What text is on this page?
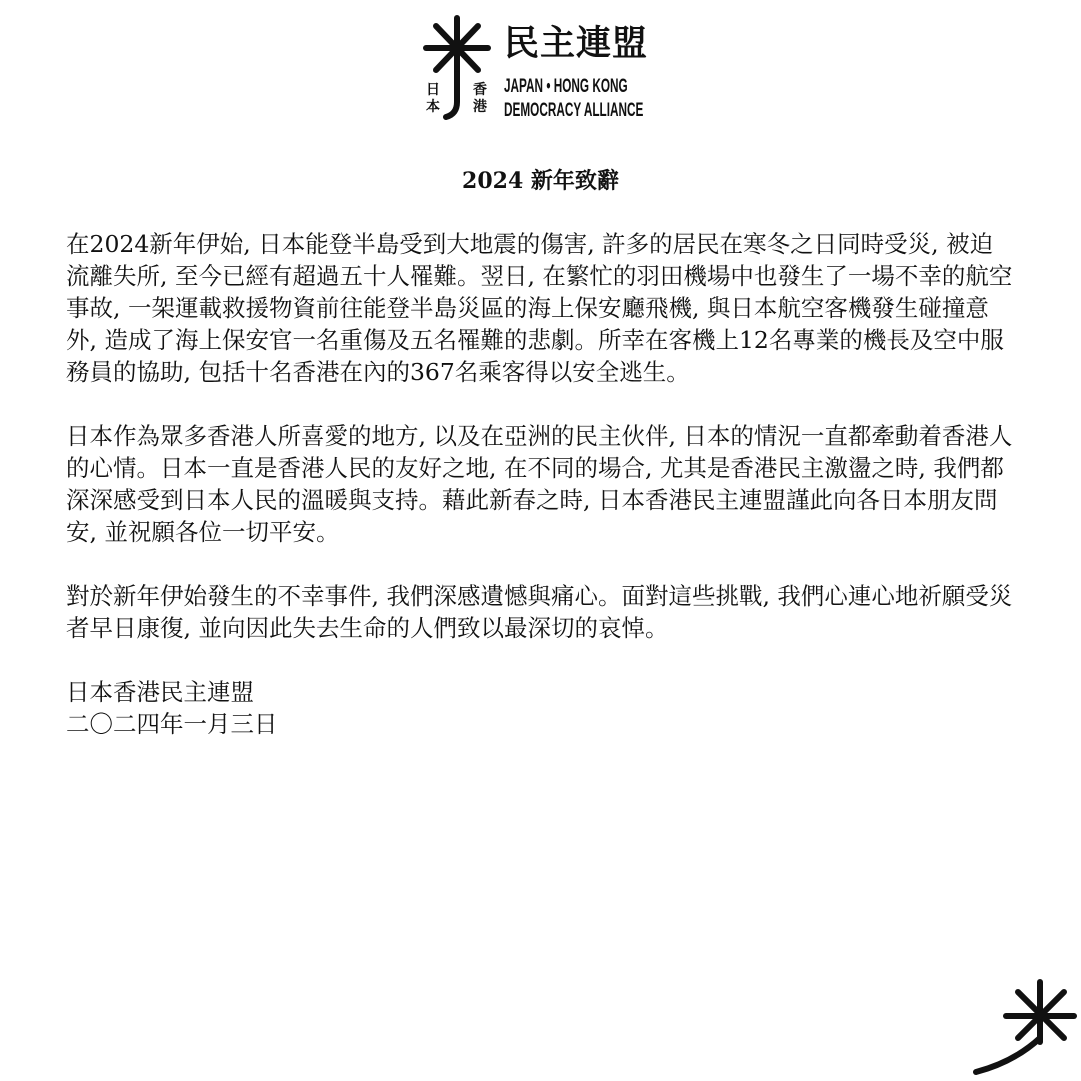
日
本
香
港
民主連盟
JAPAN • HONG KONG
DEMOCRACY ALLIANCE
2024 新年致辭

在2024新年伊始, 日本能登半島受到大地震的傷害, 許多的居民在寒冬之日同時受災, 被迫流離失所, 至今已經有超過五十人罹難。翌日, 在繁忙的羽田機場中也發生了一場不幸的航空事故, 一架運載救援物資前往能登半島災區的海上保安廳飛機, 與日本航空客機發生碰撞意外, 造成了海上保安官一名重傷及五名罹難的悲劇。所幸在客機上12名專業的機長及空中服務員的協助, 包括十名香港在內的367名乘客得以安全逃生。

日本作為眾多香港人所喜愛的地方, 以及在亞洲的民主伙伴, 日本的情況一直都牽動着香港人的心情。日本一直是香港人民的友好之地, 在不同的場合, 尤其是香港民主激盪之時, 我們都深深感受到日本人民的溫暖與支持。藉此新春之時, 日本香港民主連盟謹此向各日本朋友問安, 並祝願各位一切平安。

對於新年伊始發生的不幸事件, 我們深感遺憾與痛心。面對這些挑戰, 我們心連心地祈願受災者早日康復, 並向因此失去生命的人們致以最深切的哀悼。

日本香港民主連盟
二〇二四年一月三日
